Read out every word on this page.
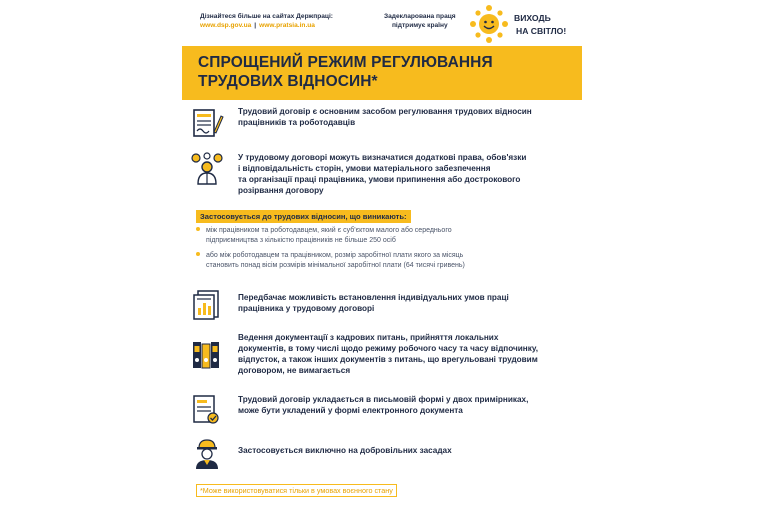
Дізнайтеся більше на сайтах Держпраці:
www.dsp.gov.ua | www.pratsia.in.ua
Задекларована праця
підтримує країну
ВИХОДЬ
НА СВІТЛО!
СПРОЩЕНИЙ РЕЖИМ РЕГУЛЮВАННЯ
ТРУДОВИХ ВІДНОСИН*
Трудовий договір є основним засобом регулювання трудових відносин
працівників та роботодавців
У трудовому договорі можуть визначатися додаткові права, обов'язки
і відповідальність сторін, умови матеріального забезпечення
та організації праці працівника, умови припинення або дострокового
розірвання договору
Застосовується до трудових відносин, що виникають:
між працівником та роботодавцем, який є суб'єктом малого або середнього
підприємництва з кількістю працівників не більше 250 осіб
або між роботодавцем та працівником, розмір заробітної плати якого за місяць
становить понад вісім розмірів мінімальної заробітної плати (64 тисячі гривень)
Передбачає можливість встановлення індивідуальних умов праці
працівника у трудовому договорі
Ведення документації з кадрових питань, прийняття локальних
документів, в тому числі щодо режиму робочого часу та часу відпочинку,
відпусток, а також інших документів з питань, що врегульовані трудовим
договором, не вимагається
Трудовий договір укладається в письмовій формі у двох примірниках,
може бути укладений у формі електронного документа
Застосовується виключно на добровільних засадах
*Може використовуватися тільки в умовах воєнного стану
